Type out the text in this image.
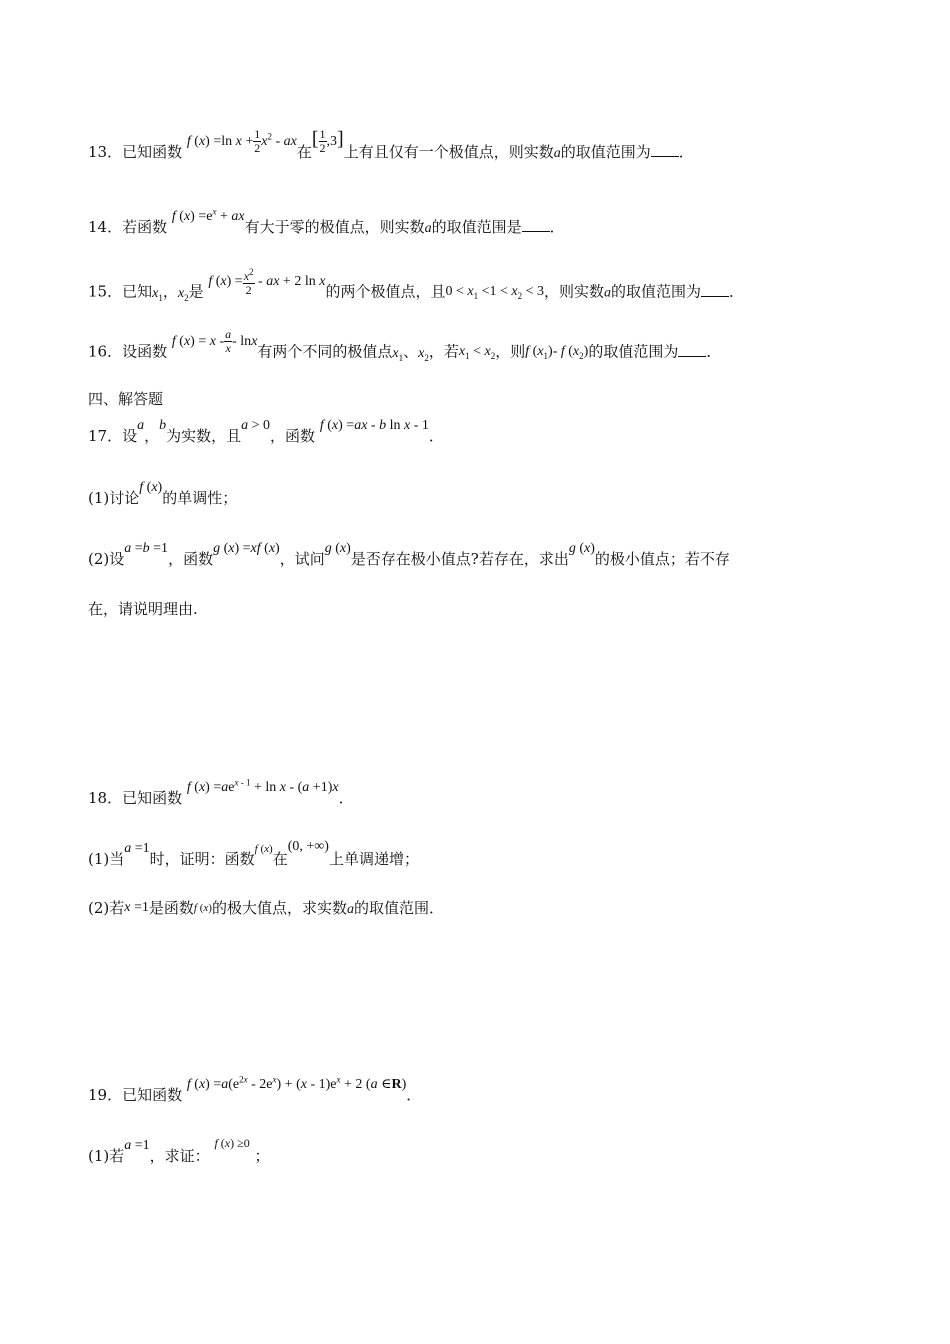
13．已知函数 f (x) =ln $x + \frac{1}{2} x^2$ - ax在[ $\frac{1}{2} ,3$]上有且仅有一个极值点，则实数a的取值范围为 ．
14．若函数 f $(x) =e^x$ + ax有大于零的极值点，则实数a的取值范围是 ．
15．已知$x_1$，$x_2$是 f $(x) = \frac{x^2}{2}$ - ax + 2 ln x的两个极值点，且$0 < x_1 <1 < x_2 < 3$，则实数a的取值范围为 ．
16．设函数 f $(x) = x - \frac{a}{x} - \ln x$有两个不同的极值点$x_1$、$x_2$，若$x_1 < x_2$，则f $(x_1)-$ f $(x_2)$的取值范围为 ．
四、解答题
17．设a，b为实数，且a > 0，函数 f (x) =ax - b ln x - 1．
(1)讨论f (x)的单调性；
(2)设a =b =1，函数g (x) =xf (x)，试问g (x)是否存在极小值点?若存在，求出g (x)的极小值点；若不存
在，请说明理由.
18．已知函数 f $(x) =ae^{x - 1} + \ln x - (a +1)x$．
(1)当a =1时，证明：函数$^{f (x)}$在(0, +∞)上单调递增；
(2)若x =1是函数f (x)的极大值点，求实数a的取值范围．
19．已知函数 f $(x) =a(e^{2x} - 2e^x) + (x - 1)e^x + 2$ (a ∈R)．
(1)若a =1，求证： $^{f (x) \ge 0}$ ；
